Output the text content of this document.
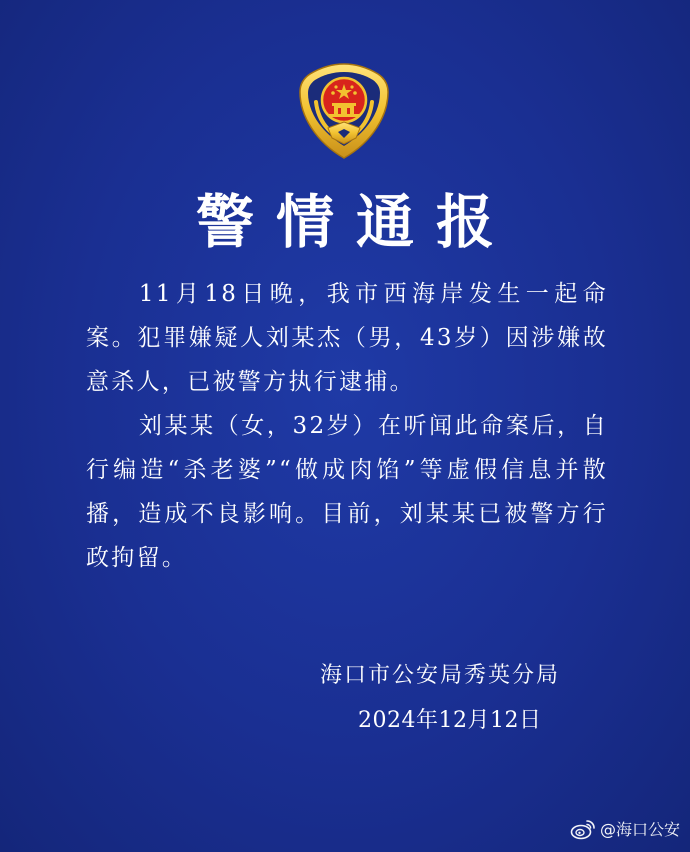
警情通报

11月18日晚，我市西海岸发生一起命案。犯罪嫌疑人刘某杰（男，43岁）因涉嫌故意杀人，已被警方执行逮捕。

刘某某（女，32岁）在听闻此命案后，自行编造“杀老婆”“做成肉馅”等虚假信息并散播，造成不良影响。目前，刘某某已被警方行政拘留。

海口市公安局秀英分局
2024年12月12日
@海口公安
